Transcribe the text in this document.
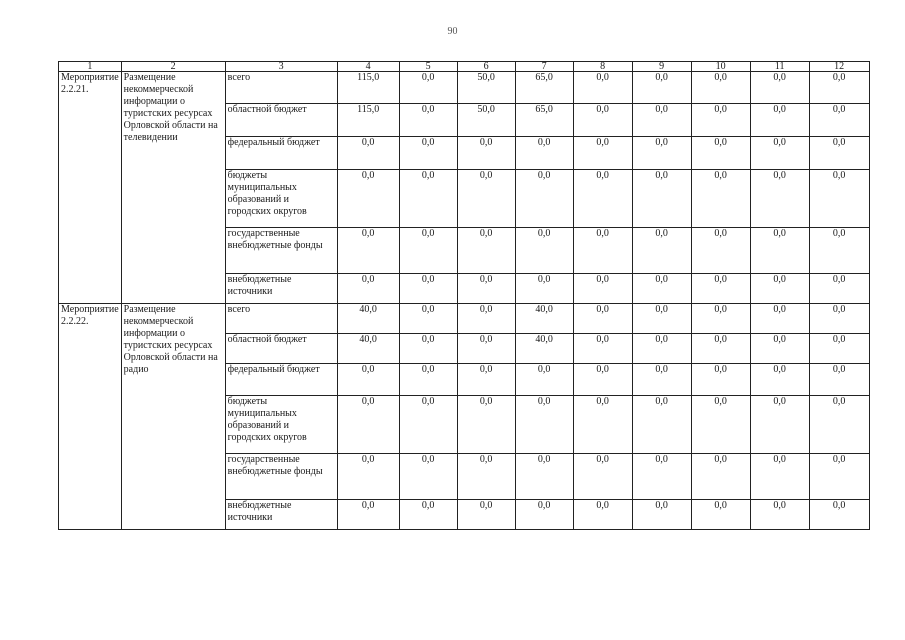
90
1	2	3	4	5	6	7	8	9	10	11	12
Мероприятие 2.2.21.	Размещение некоммерческой информации о туристских ресурсах Орловской области на телевидении	всего	115,0	0,0	50,0	65,0	0,0	0,0	0,0	0,0	0,0
		областной бюджет	115,0	0,0	50,0	65,0	0,0	0,0	0,0	0,0	0,0
		федеральный бюджет	0,0	0,0	0,0	0,0	0,0	0,0	0,0	0,0	0,0
		бюджеты муниципальных образований и городских округов	0,0	0,0	0,0	0,0	0,0	0,0	0,0	0,0	0,0
		государственные внебюджетные фонды	0,0	0,0	0,0	0,0	0,0	0,0	0,0	0,0	0,0
		внебюджетные источники	0,0	0,0	0,0	0,0	0,0	0,0	0,0	0,0	0,0
Мероприятие 2.2.22.	Размещение некоммерческой информации о туристских ресурсах Орловской области на радио	всего	40,0	0,0	0,0	40,0	0,0	0,0	0,0	0,0	0,0
		областной бюджет	40,0	0,0	0,0	40,0	0,0	0,0	0,0	0,0	0,0
		федеральный бюджет	0,0	0,0	0,0	0,0	0,0	0,0	0,0	0,0	0,0
		бюджеты муниципальных образований и городских округов	0,0	0,0	0,0	0,0	0,0	0,0	0,0	0,0	0,0
		государственные внебюджетные фонды	0,0	0,0	0,0	0,0	0,0	0,0	0,0	0,0	0,0
		внебюджетные источники	0,0	0,0	0,0	0,0	0,0	0,0	0,0	0,0	0,0
